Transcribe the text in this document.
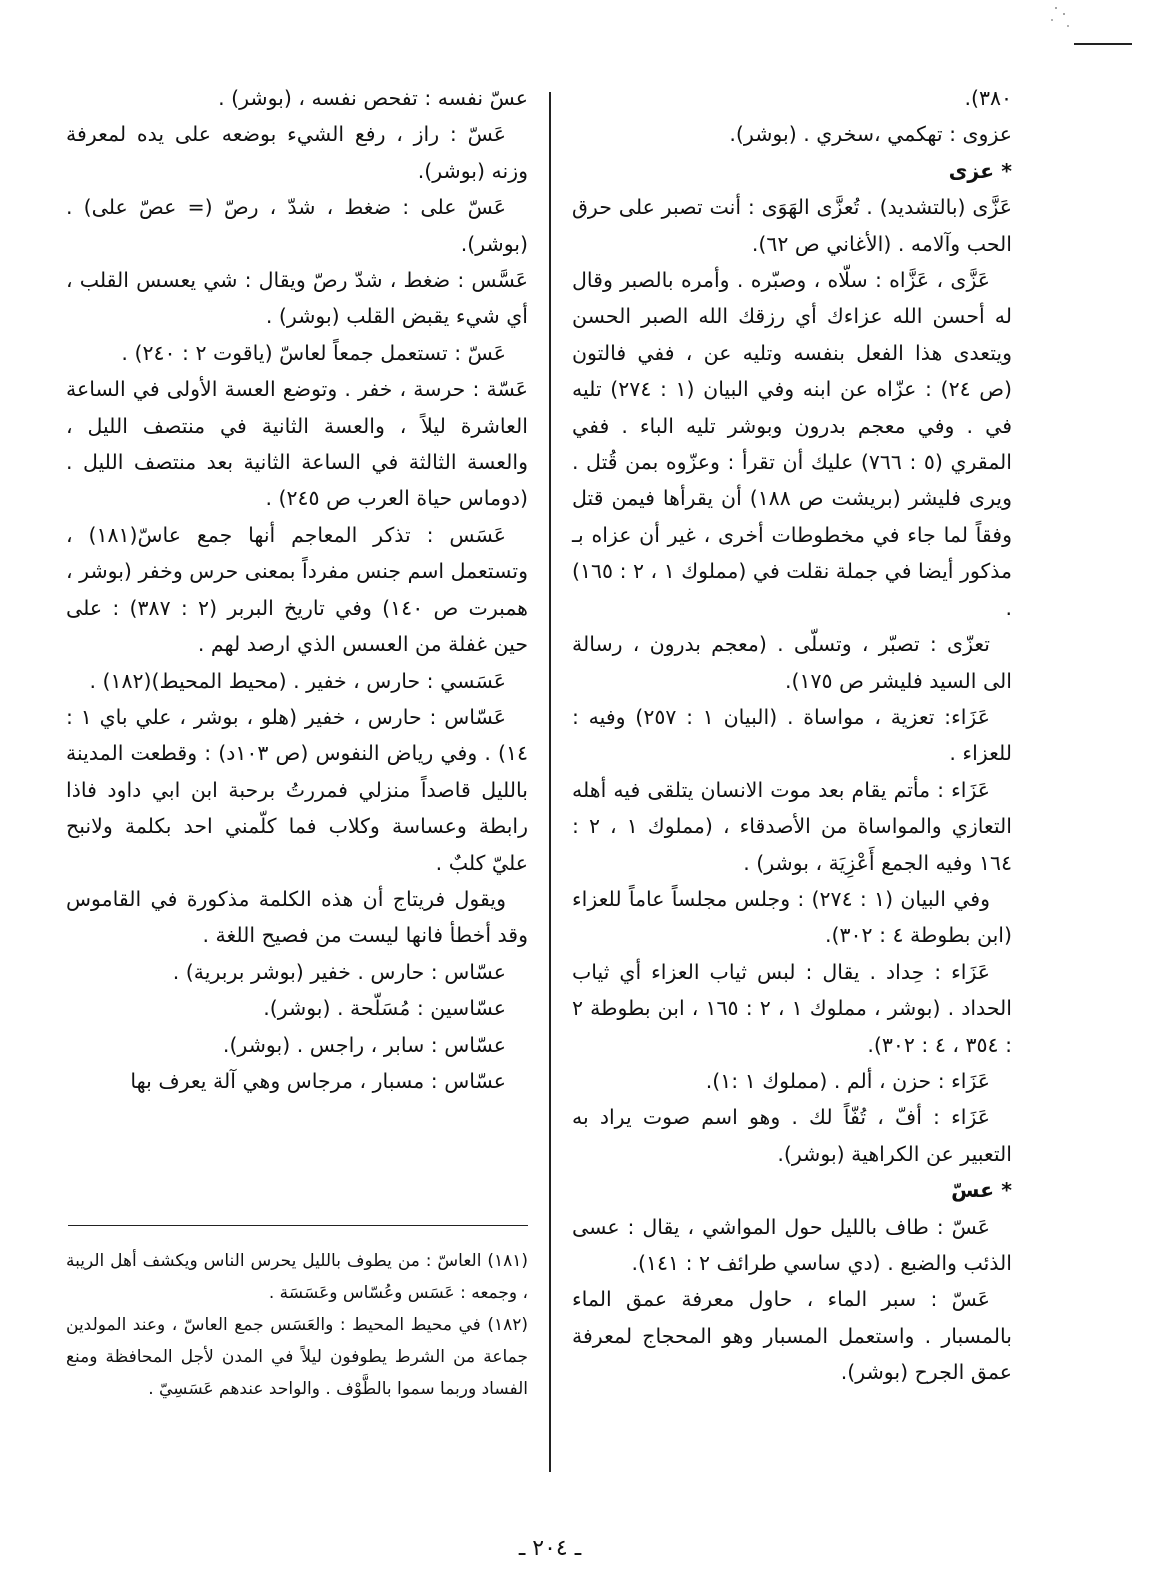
٣٨٠).

عزوى : تهكمي ،سخري . (بوشر).

* عزى

عَزَّى (بالتشديد) . تُعزَّى الهَوَى : أنت تصبر على حرق الحب وآلامه . (الأغاني ص ٦٢).

عَزَّى ، عَزَّاه : سلّاه ، وصبّره . وأمره بالصبر وقال له أحسن الله عزاءك أي رزقك الله الصبر الحسن ويتعدى هذا الفعل بنفسه وتليه عن ، ففي فالتون (ص ٢٤) : عزّاه عن ابنه وفي البيان (١ : ٢٧٤) تليه في . وفي معجم بدرون وبوشر تليه الباء . ففي المقري (٥ : ٧٦٦) عليك أن تقرأ : وعزّوه بمن قُتل . ويرى فليشر (بريشت ص ١٨٨) أن يقرأها فيمن قتل وفقاً لما جاء في مخطوطات أخرى ، غير أن عزاه بـ مذكور أيضا في جملة نقلت في (مملوك ١ ، ٢ : ١٦٥) .

تعزّى : تصبّر ، وتسلّى . (معجم بدرون ، رسالة الى السيد فليشر ص ١٧٥).

عَزَاء: تعزية ، مواساة . (البيان ١ : ٢٥٧) وفيه : للعزاء .

عَزَاء : مأتم يقام بعد موت الانسان يتلقى فيه أهله التعازي والمواساة من الأصدقاء ، (مملوك ١ ، ٢ : ١٦٤ وفيه الجمع أَعْزِيَة ، بوشر) .

وفي البيان (١ : ٢٧٤) : وجلس مجلساً عاماً للعزاء (ابن بطوطة ٤ : ٣٠٢).

عَزَاء : حِداد . يقال : لبس ثياب العزاء أي ثياب الحداد . (بوشر ، مملوك ١ ، ٢ : ١٦٥ ، ابن بطوطة ٢ : ٣٥٤ ، ٤ : ٣٠٢).

عَزَاء : حزن ، ألم . (مملوك ١ :١).

عَزَاء : أفّ ، تُفّاً لك . وهو اسم صوت يراد به التعبير عن الكراهية (بوشر).

* عسّ

عَسّ : طاف بالليل حول المواشي ، يقال : عسى الذئب والضبع . (دي ساسي طرائف ٢ : ١٤١).

عَسّ : سبر الماء ، حاول معرفة عمق الماء بالمسبار . واستعمل المسبار وهو المحجاج لمعرفة عمق الجرح (بوشر).

عسّ نفسه : تفحص نفسه ، (بوشر) .

عَسّ : راز ، رفع الشيء بوضعه على يده لمعرفة وزنه (بوشر).

عَسّ على : ضغط ، شدّ ، رصّ (= عصّ على) . (بوشر).

عَسَّس : ضغط ، شدّ رصّ ويقال : شي يعسس القلب ، أي شيء يقبض القلب (بوشر) .

عَسّ : تستعمل جمعاً لعاسّ (ياقوت ٢ : ٢٤٠) .

عَسّة : حرسة ، خفر . وتوضع العسة الأولى في الساعة العاشرة ليلاً ، والعسة الثانية في منتصف الليل ، والعسة الثالثة في الساعة الثانية بعد منتصف الليل . (دوماس حياة العرب ص ٢٤٥) .

عَسَس : تذكر المعاجم أنها جمع عاسّ(١٨١) ، وتستعمل اسم جنس مفرداً بمعنى حرس وخفر (بوشر ، همبرت ص ١٤٠) وفي تاريخ البربر (٢ : ٣٨٧) : على حين غفلة من العسس الذي ارصد لهم .

عَسَسي : حارس ، خفير . (محيط المحيط)(١٨٢) .

عَسّاس : حارس ، خفير (هلو ، بوشر ، علي باي ١ : ١٤) . وفي رياض النفوس (ص ١٠٣د) : وقطعت المدينة بالليل قاصداً منزلي فمررتُ برحبة ابن ابي داود فاذا رابطة وعساسة وكلاب فما كلّمني احد بكلمة ولانبح عليّ كلبٌ .

ويقول فريتاج أن هذه الكلمة مذكورة في القاموس وقد أخطأ فانها ليست من فصيح اللغة .

عسّاس : حارس . خفير (بوشر بربرية) .

عسّاسين : مُسَلّحة . (بوشر).

عسّاس : سابر ، راجس . (بوشر).

عسّاس : مسبار ، مرجاس وهي آلة يعرف بها

(١٨١) العاسّ : من يطوف بالليل يحرس الناس ويكشف أهل الريبة ، وجمعه : عَسَس وعُسّاس وعَسَسَة .

(١٨٢) في محيط المحيط : والعَسَس جمع العاسّ ، وعند المولدين جماعة من الشرط يطوفون ليلاً في المدن لأجل المحافظة ومنع الفساد وربما سموا بالطَّوْف . والواحد عندهم عَسَسِيّ .

ـ ٢٠٤ ـ
